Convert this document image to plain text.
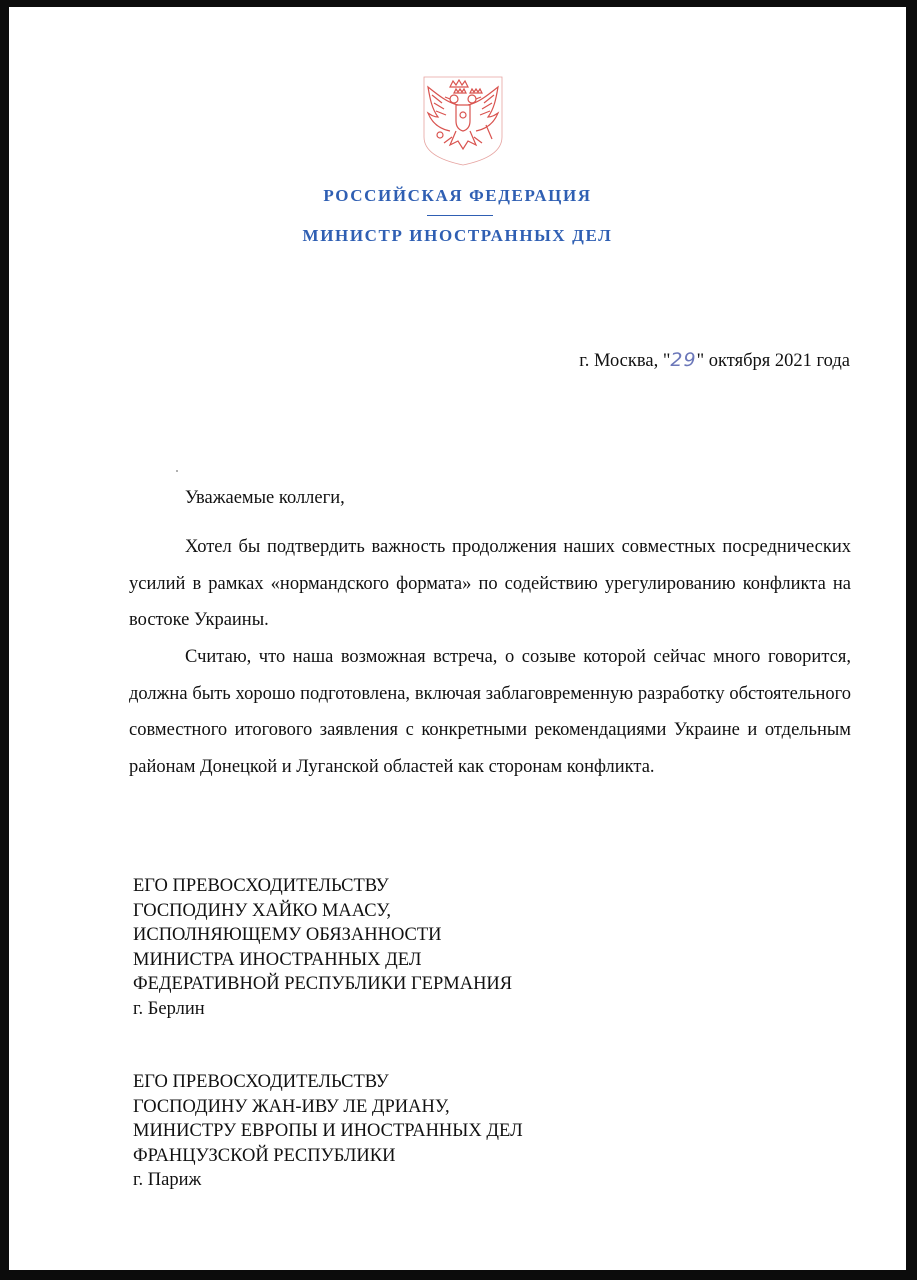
РОССИЙСКАЯ ФЕДЕРАЦИЯ
МИНИСТР ИНОСТРАННЫХ ДЕЛ
г. Москва, "29" октября 2021 года
Уважаемые коллеги,

Хотел бы подтвердить важность продолжения наших совместных посреднических усилий в рамках «нормандского формата» по содействию урегулированию конфликта на востоке Украины.

Считаю, что наша возможная встреча, о созыве которой сейчас много говорится, должна быть хорошо подготовлена, включая заблаговременную разработку обстоятельного совместного итогового заявления с конкретными рекомендациями Украине и отдельным районам Донецкой и Луганской областей как сторонам конфликта.

ЕГО ПРЕВОСХОДИТЕЛЬСТВУ
ГОСПОДИНУ ХАЙКО МААСУ,
ИСПОЛНЯЮЩЕМУ ОБЯЗАННОСТИ
МИНИСТРА ИНОСТРАННЫХ ДЕЛ
ФЕДЕРАТИВНОЙ РЕСПУБЛИКИ ГЕРМАНИЯ
г. Берлин
ЕГО ПРЕВОСХОДИТЕЛЬСТВУ
ГОСПОДИНУ ЖАН-ИВУ ЛЕ ДРИАНУ,
МИНИСТРУ ЕВРОПЫ И ИНОСТРАННЫХ ДЕЛ
ФРАНЦУЗСКОЙ РЕСПУБЛИКИ
г. Париж
